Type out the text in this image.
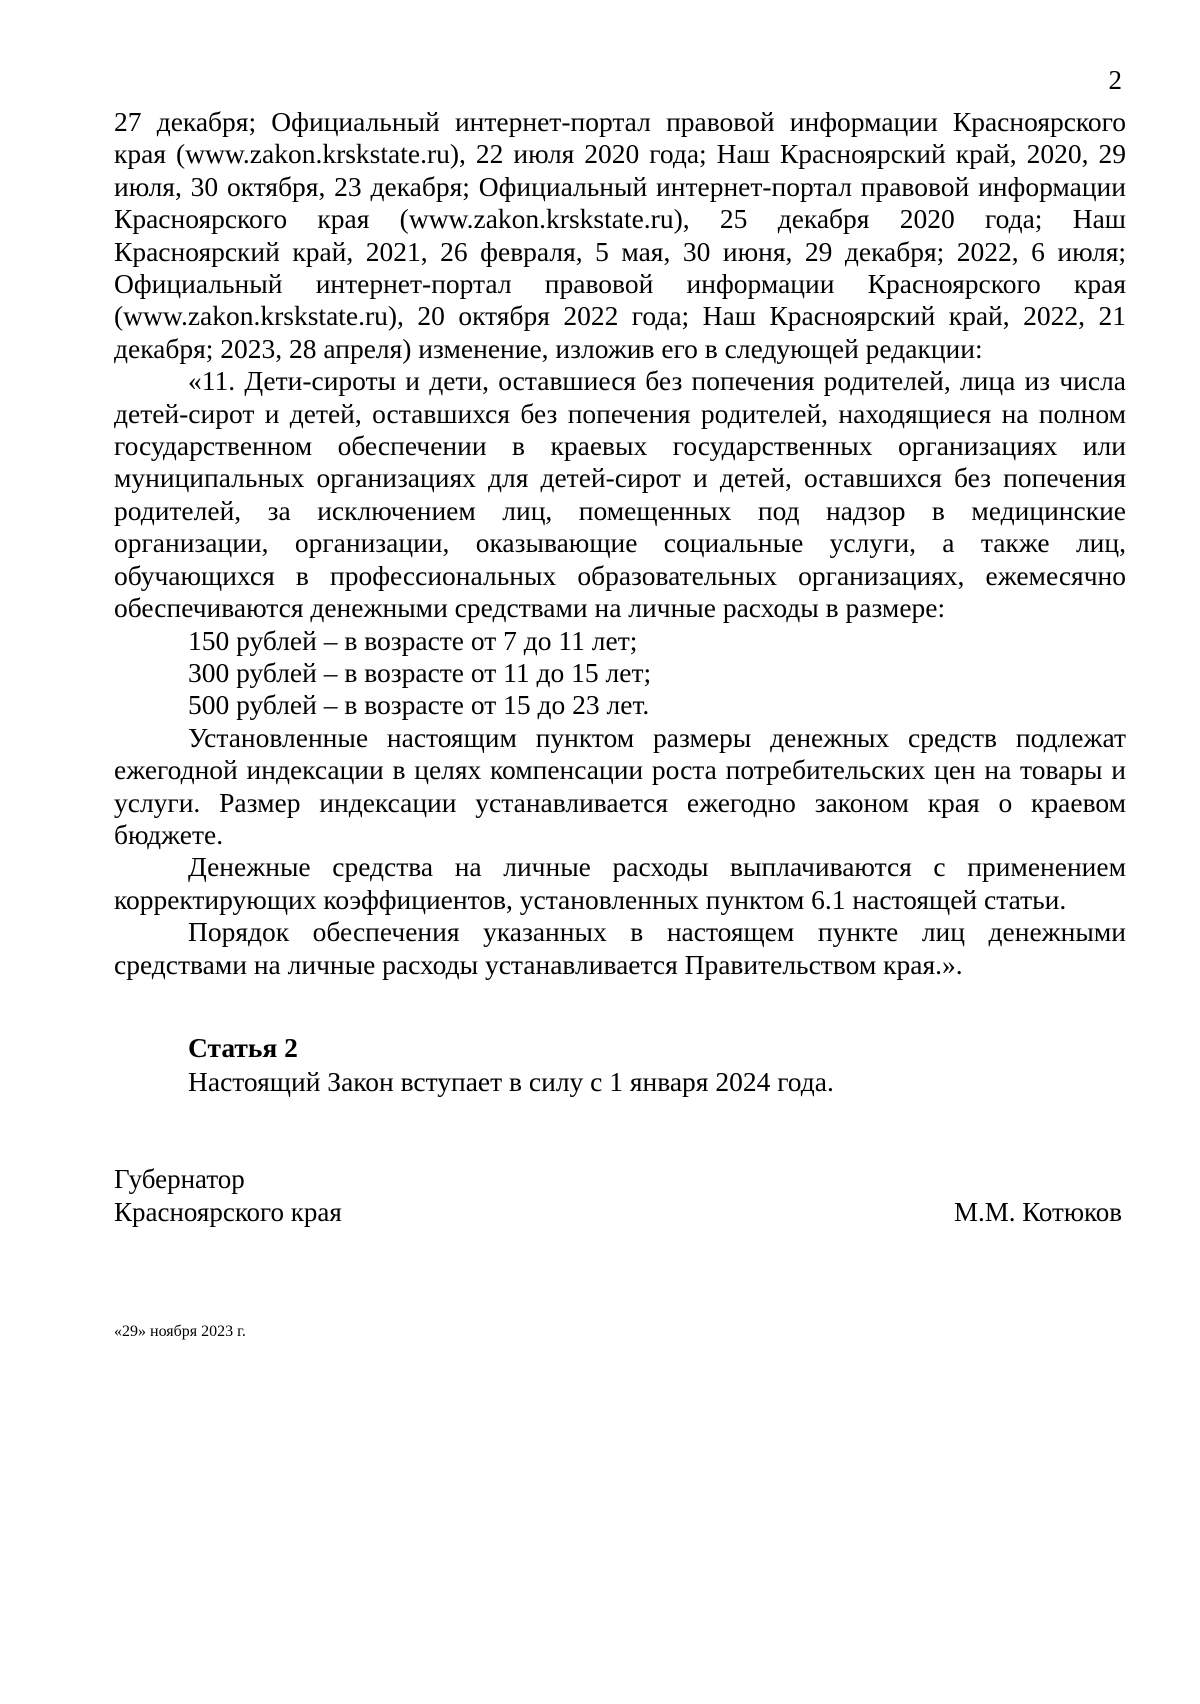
2

27 декабря; Официальный интернет-портал правовой информации Красноярского края (www.zakon.krskstate.ru), 22 июля 2020 года; Наш Красноярский край, 2020, 29 июля, 30 октября, 23 декабря; Официальный интернет-портал правовой информации Красноярского края (www.zakon.krskstate.ru), 25 декабря 2020 года; Наш Красноярский край, 2021, 26 февраля, 5 мая, 30 июня, 29 декабря; 2022, 6 июля; Официальный интернет-портал правовой информации Красноярского края (www.zakon.krskstate.ru), 20 октября 2022 года; Наш Красноярский край, 2022, 21 декабря; 2023, 28 апреля) изменение, изложив его в следующей редакции:

«11. Дети-сироты и дети, оставшиеся без попечения родителей, лица из числа детей-сирот и детей, оставшихся без попечения родителей, находящиеся на полном государственном обеспечении в краевых государственных организациях или муниципальных организациях для детей-сирот и детей, оставшихся без попечения родителей, за исключением лиц, помещенных под надзор в медицинские организации, организации, оказывающие социальные услуги, а также лиц, обучающихся в профессиональных образовательных организациях, ежемесячно обеспечиваются денежными средствами на личные расходы в размере:

150 рублей – в возрасте от 7 до 11 лет;

300 рублей – в возрасте от 11 до 15 лет;

500 рублей – в возрасте от 15 до 23 лет.

Установленные настоящим пунктом размеры денежных средств подлежат ежегодной индексации в целях компенсации роста потребительских цен на товары и услуги. Размер индексации устанавливается ежегодно законом края о краевом бюджете.

Денежные средства на личные расходы выплачиваются с применением корректирующих коэффициентов, установленных пунктом 6.1 настоящей статьи.

Порядок обеспечения указанных в настоящем пункте лиц денежными средствами на личные расходы устанавливается Правительством края.».

Статья 2
Настоящий Закон вступает в силу с 1 января 2024 года.
Губернатор
Красноярского края	М.М. Котюков
«29» ноября 2023 г.
